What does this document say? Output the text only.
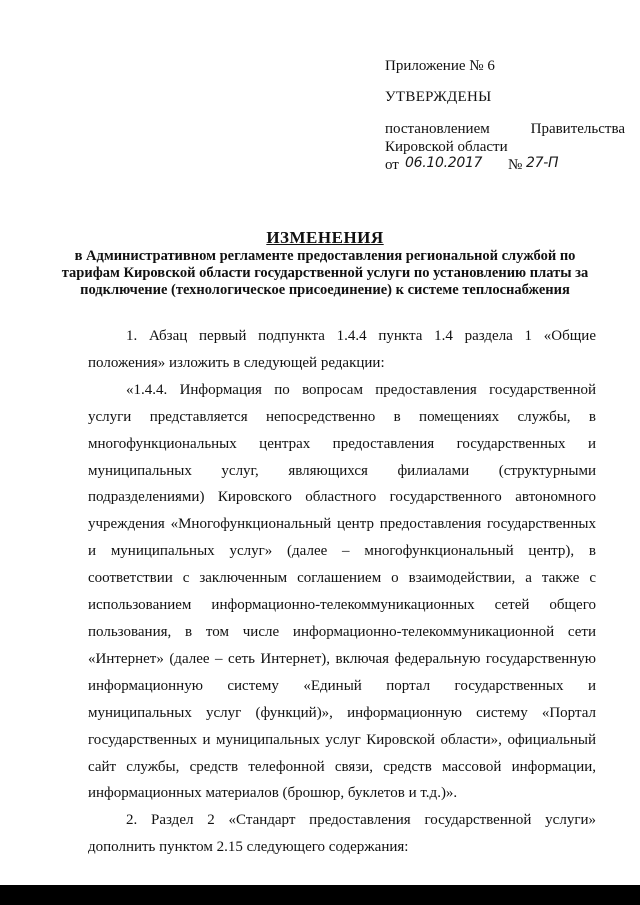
Приложение № 6
УТВЕРЖДЕНЫ
постановлением Правительства
Кировской области
от 06.10.2017 № 27-П
ИЗМЕНЕНИЯ

в Административном регламенте предоставления региональной службой по тарифам Кировской области государственной услуги по установлению платы за подключение (технологическое присоединение) к системе теплоснабжения

1. Абзац первый подпункта 1.4.4 пункта 1.4 раздела 1 «Общие положения» изложить в следующей редакции:

«1.4.4. Информация по вопросам предоставления государственной услуги представляется непосредственно в помещениях службы, в многофункциональных центрах предоставления государственных и муниципальных услуг, являющихся филиалами (структурными подразделениями) Кировского областного государственного автономного учреждения «Многофункциональный центр предоставления государственных и муниципальных услуг» (далее – многофункциональный центр), в соответствии с заключенным соглашением о взаимодействии, а также с использованием информационно-телекоммуникационных сетей общего пользования, в том числе информационно-телекоммуникационной сети «Интернет» (далее – сеть Интернет), включая федеральную государственную информационную систему «Единый портал государственных и муниципальных услуг (функций)», информационную систему «Портал государственных и муниципальных услуг Кировской области», официальный сайт службы, средств телефонной связи, средств массовой информации, информационных материалов (брошюр, буклетов и т.д.)».

2. Раздел 2 «Стандарт предоставления государственной услуги» дополнить пунктом 2.15 следующего содержания:
